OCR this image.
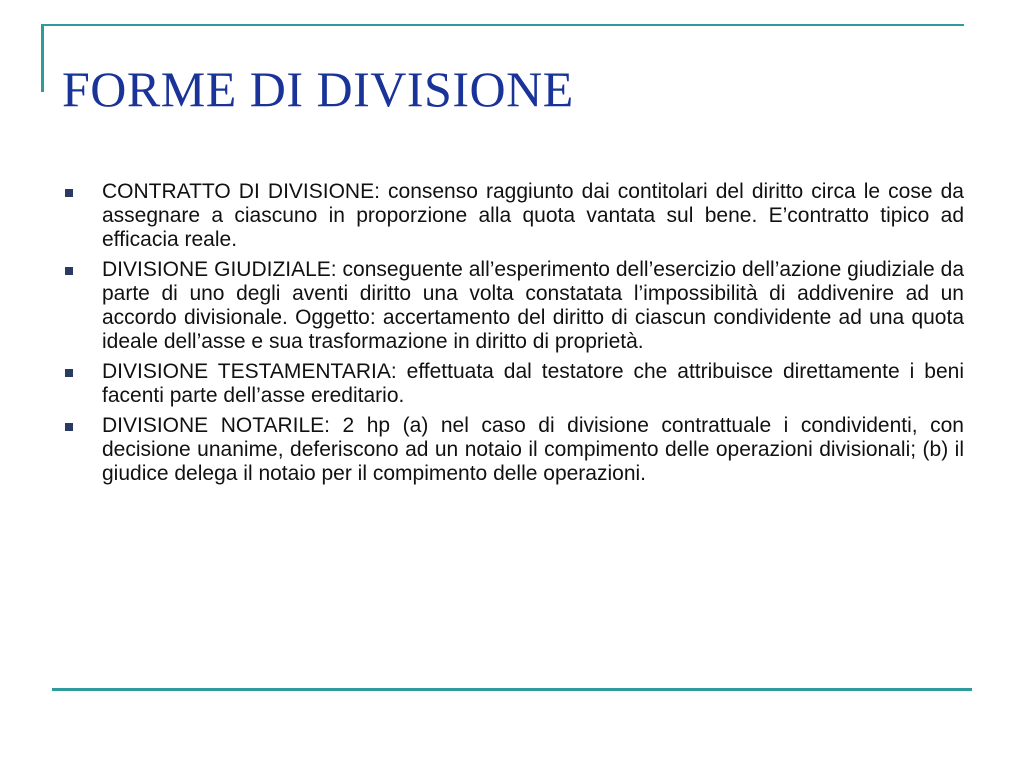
FORME DI DIVISIONE
CONTRATTO DI DIVISIONE: consenso raggiunto dai contitolari del diritto circa le cose da assegnare a ciascuno in proporzione alla quota vantata sul bene. E’contratto tipico ad efficacia reale.
DIVISIONE GIUDIZIALE: conseguente all’esperimento dell’esercizio dell’azione giudiziale da parte di uno degli aventi diritto una volta constatata l’impossibilità di addivenire ad un accordo divisionale. Oggetto: accertamento del diritto di ciascun condividente ad una quota ideale dell’asse e sua trasformazione in diritto di proprietà.
DIVISIONE TESTAMENTARIA: effettuata dal testatore che attribuisce direttamente i beni facenti parte dell’asse ereditario.
DIVISIONE NOTARILE: 2 hp (a) nel caso di divisione contrattuale i condividenti, con decisione unanime, deferiscono ad un notaio il compimento delle operazioni divisionali; (b) il giudice delega il notaio per il compimento delle operazioni.
